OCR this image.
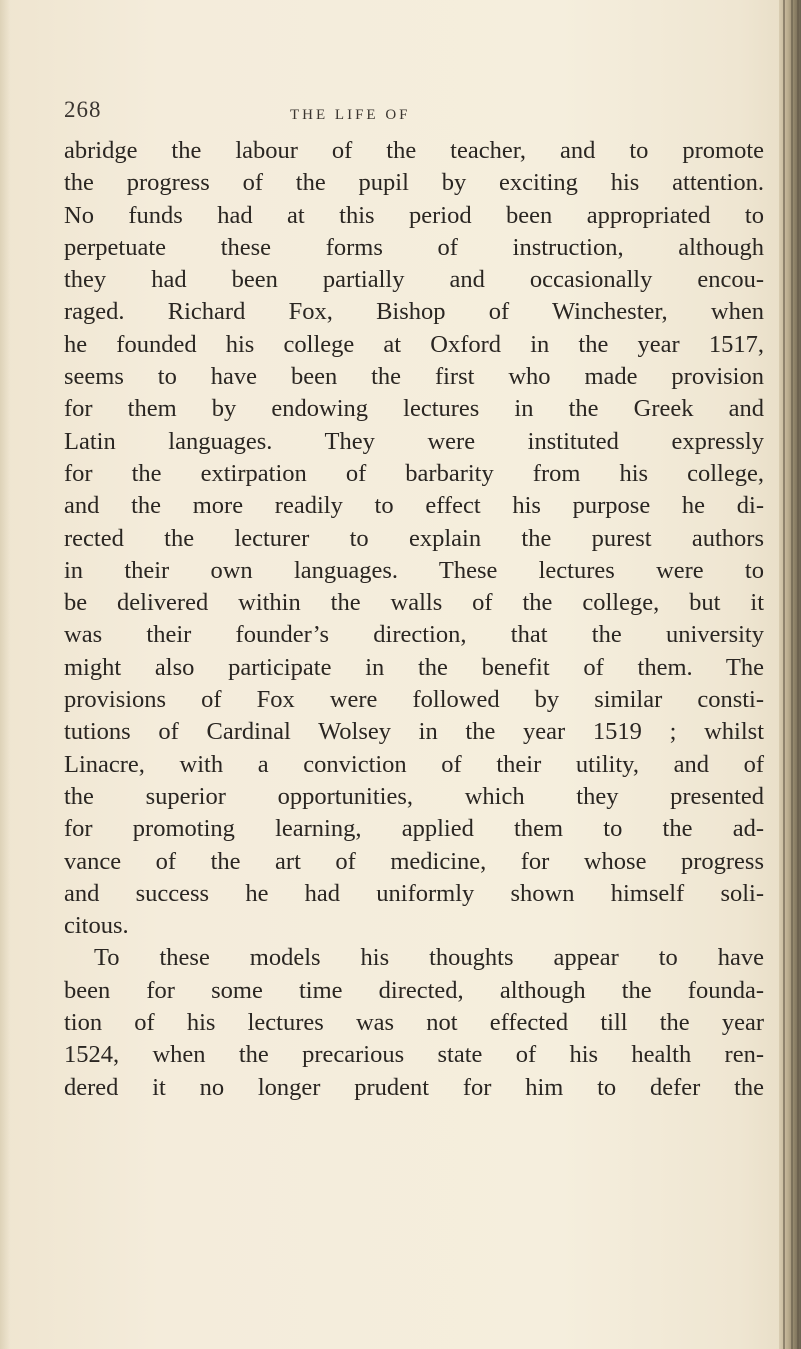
268	THE LIFE OF
abridge the labour of the teacher, and to promote
the progress of the pupil by exciting his attention.
No funds had at this period been appropriated to
perpetuate these forms of instruction, although
they had been partially and occasionally encou-
raged. Richard Fox, Bishop of Winchester, when
he founded his college at Oxford in the year 1517,
seems to have been the first who made provision
for them by endowing lectures in the Greek and
Latin languages. They were instituted expressly
for the extirpation of barbarity from his college,
and the more readily to effect his purpose he di-
rected the lecturer to explain the purest authors
in their own languages. These lectures were to
be delivered within the walls of the college, but it
was their founder’s direction, that the university
might also participate in the benefit of them. The
provisions of Fox were followed by similar consti-
tutions of Cardinal Wolsey in the year 1519 ; whilst
Linacre, with a conviction of their utility, and of
the superior opportunities, which they presented
for promoting learning, applied them to the ad-
vance of the art of medicine, for whose progress
and success he had uniformly shown himself soli-
citous.
To these models his thoughts appear to have
been for some time directed, although the founda-
tion of his lectures was not effected till the year
1524, when the precarious state of his health ren-
dered it no longer prudent for him to defer the
